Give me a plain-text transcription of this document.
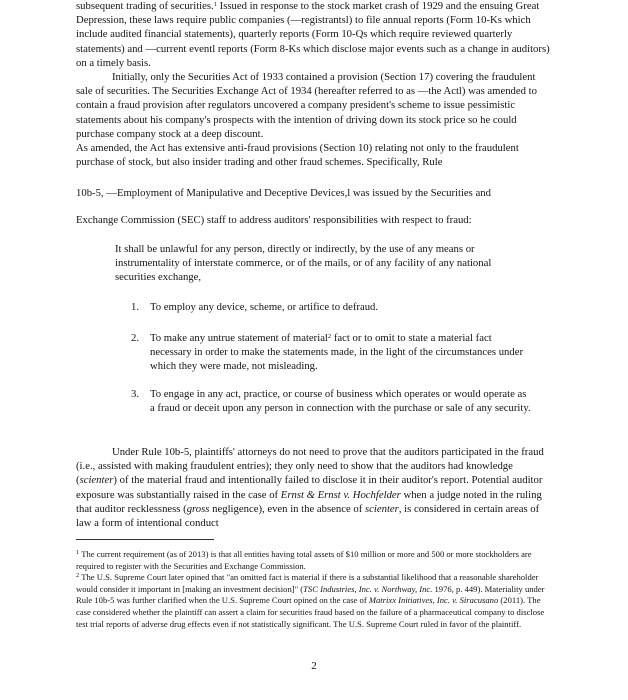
subsequent trading of securities.$^1$ Issued in response to the stock market crash of 1929 and the ensuing Great Depression, these laws require public companies (—registrantsl) to file annual reports (Form 10-Ks which include audited financial statements), quarterly reports (Form 10-Qs which require reviewed quarterly statements) and —current eventl reports (Form 8-Ks which disclose major events such as a change in auditors) on a timely basis.

Initially, only the Securities Act of 1933 contained a provision (Section 17) covering the fraudulent sale of securities. The Securities Exchange Act of 1934 (hereafter referred to as —the Actl) was amended to contain a fraud provision after regulators uncovered a company president's scheme to issue pessimistic statements about his company's prospects with the intention of driving down its stock price so he could purchase company stock at a deep discount.

As amended, the Act has extensive anti-fraud provisions (Section 10) relating not only to the fraudulent purchase of stock, but also insider trading and other fraud schemes. Specifically, Rule

10b-5, —Employment of Manipulative and Deceptive Devices,l was issued by the Securities and
Exchange Commission (SEC) staff to address auditors' responsibilities with respect to fraud:
It shall be unlawful for any person, directly or indirectly, by the use of any means or instrumentality of interstate commerce, or of the mails, or of any facility of any national securities exchange,
1. To employ any device, scheme, or artifice to defraud.
2. To make any untrue statement of material$^2$ fact or to omit to state a material fact necessary in order to make the statements made, in the light of the circumstances under which they were made, not misleading.
3. To engage in any act, practice, or course of business which operates or would operate as a fraud or deceit upon any person in connection with the purchase or sale of any security.

Under Rule 10b-5, plaintiffs' attorneys do not need to prove that the auditors participated in the fraud (i.e., assisted with making fraudulent entries); they only need to show that the auditors had knowledge (scienter) of the material fraud and intentionally failed to disclose it in their auditor's report. Potential auditor exposure was substantially raised in the case of Ernst & Ernst v. Hochfelder when a judge noted in the ruling that auditor recklessness (gross negligence), even in the absence of scienter, is considered in certain areas of law a form of intentional conduct

$^1$ The current requirement (as of 2013) is that all entities having total assets of $10 million or more and 500 or more stockholders are required to register with the Securities and Exchange Commission.

$^2$ The U.S. Supreme Court later opined that "an omitted fact is material if there is a substantial likelihood that a reasonable shareholder would consider it important in [making an investment decision]" (TSC Industries, Inc. v. Northway, Inc. 1976, p. 449). Materiality under Rule 10b-5 was further clarified when the U.S. Supreme Court opined on the case of Matrixx Initiatives, Inc. v. Siracusano (2011). The case considered whether the plaintiff can assert a claim for securities fraud based on the failure of a pharmaceutical company to disclose test trial reports of adverse drug effects even if not statistically significant. The U.S. Supreme Court ruled in favor of the plaintiff.

2
